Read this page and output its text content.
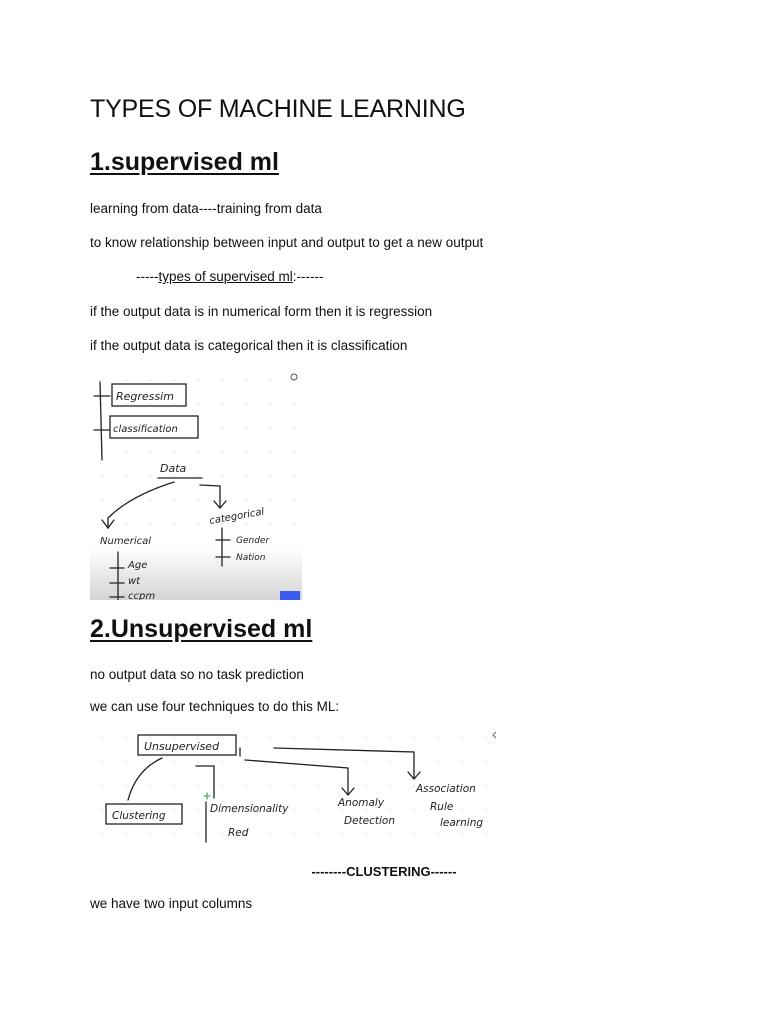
TYPES OF MACHINE LEARNING
1.supervised ml
learning from data----training from data
to know relationship between input and output to get a new output
-----types of supervised ml:------
if the output data is in numerical form then it is regression
if the output data is categorical then it is classification
Regressim
classification
Data
Numerical
categorical
Gender
Nation
Age
wt
ccpm
2.Unsupervised ml
no output data so no task prediction
we can use four techniques to do this ML:
Unsupervised
Clustering
Dimensionality
Red
Anomaly
Detection
Association
Rule
learning
--------CLUSTERING------
we have two input columns
